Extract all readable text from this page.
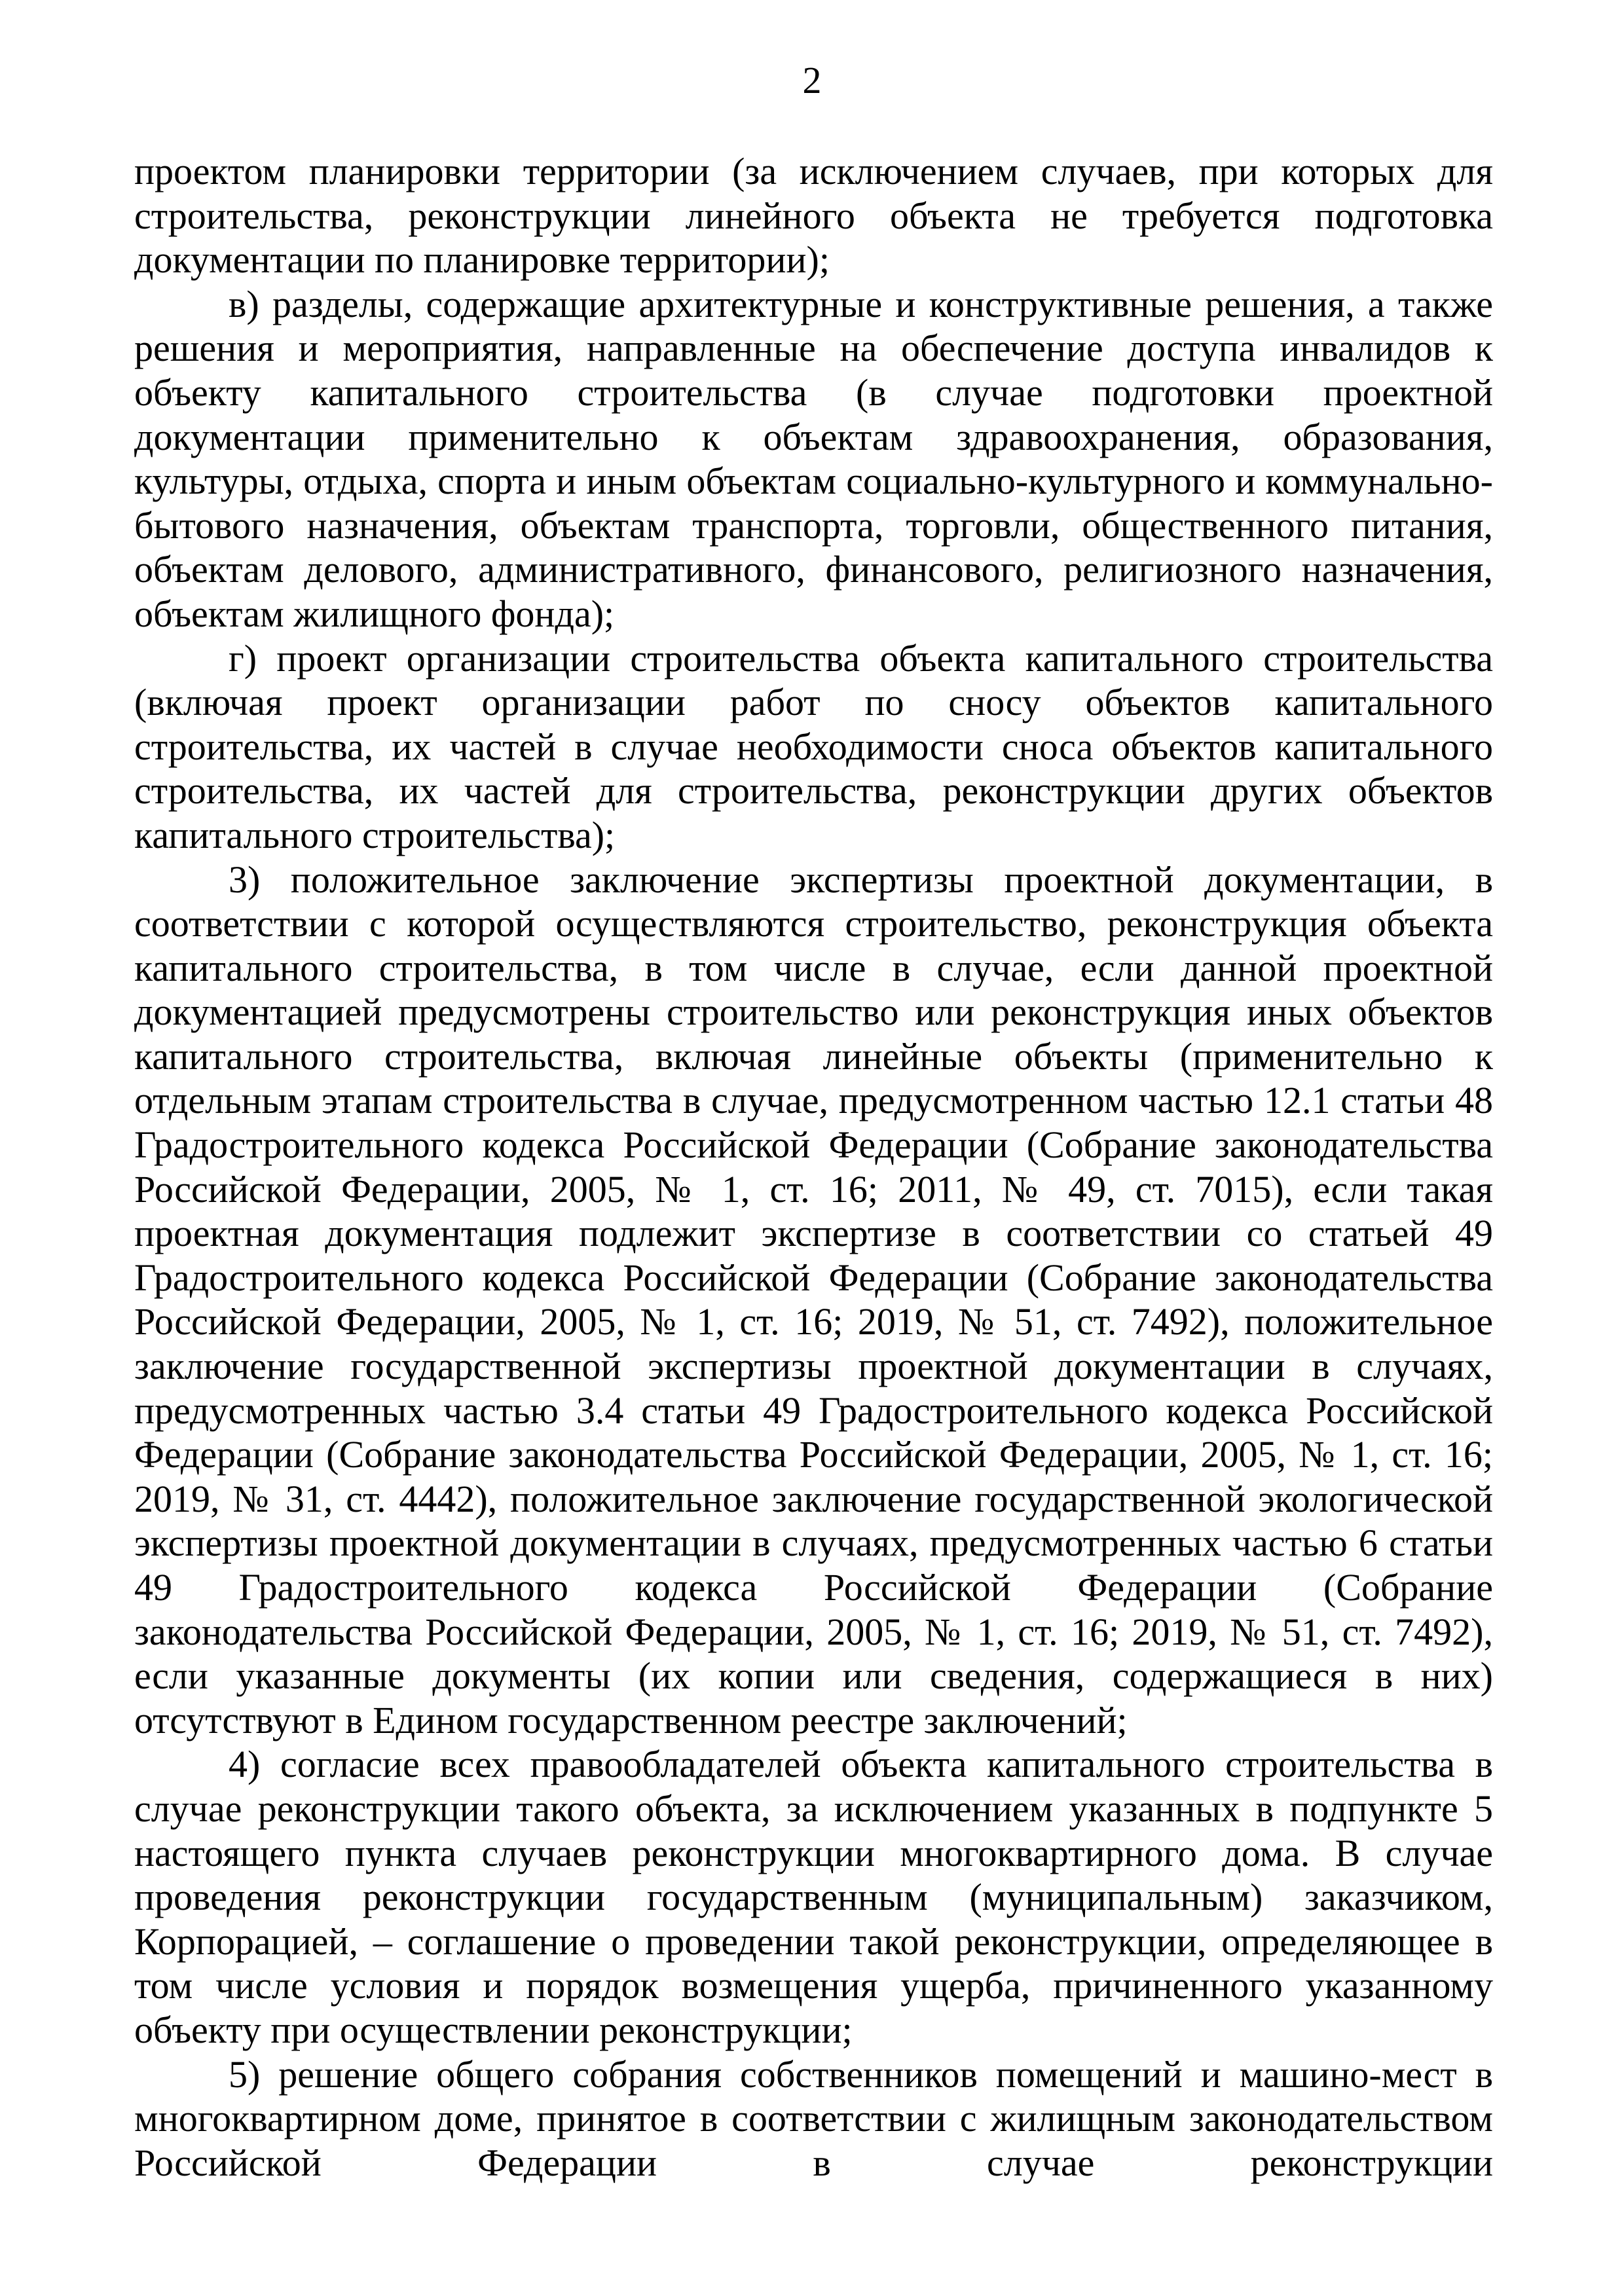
2

проектом планировки территории (за исключением случаев, при которых для строительства, реконструкции линейного объекта не требуется подготовка документации по планировке территории);

в) разделы, содержащие архитектурные и конструктивные решения, а также решения и мероприятия, направленные на обеспечение доступа инвалидов к объекту капитального строительства (в случае подготовки проектной документации применительно к объектам здравоохранения, образования, культуры, отдыха, спорта и иным объектам социально-культурного и коммунально-бытового назначения, объектам транспорта, торговли, общественного питания, объектам делового, административного, финансового, религиозного назначения, объектам жилищного фонда);

г) проект организации строительства объекта капитального строительства (включая проект организации работ по сносу объектов капитального строительства, их частей в случае необходимости сноса объектов капитального строительства, их частей для строительства, реконструкции других объектов капитального строительства);

3) положительное заключение экспертизы проектной документации, в соответствии с которой осуществляются строительство, реконструкция объекта капитального строительства, в том числе в случае, если данной проектной документацией предусмотрены строительство или реконструкция иных объектов капитального строительства, включая линейные объекты (применительно к отдельным этапам строительства в случае, предусмотренном частью 12.1 статьи 48 Градостроительного кодекса Российской Федерации (Собрание законодательства Российской Федерации, 2005, № 1, ст. 16; 2011, № 49, ст. 7015), если такая проектная документация подлежит экспертизе в соответствии со статьей 49 Градостроительного кодекса Российской Федерации (Собрание законодательства Российской Федерации, 2005, № 1, ст. 16; 2019, № 51, ст. 7492), положительное заключение государственной экспертизы проектной документации в случаях, предусмотренных частью 3.4 статьи 49 Градостроительного кодекса Российской Федерации (Собрание законодательства Российской Федерации, 2005, № 1, ст. 16; 2019, № 31, ст. 4442), положительное заключение государственной экологической экспертизы проектной документации в случаях, предусмотренных частью 6 статьи 49 Градостроительного кодекса Российской Федерации (Собрание законодательства Российской Федерации, 2005, № 1, ст. 16; 2019, № 51, ст. 7492), если указанные документы (их копии или сведения, содержащиеся в них) отсутствуют в Едином государственном реестре заключений;

4) согласие всех правообладателей объекта капитального строительства в случае реконструкции такого объекта, за исключением указанных в подпункте 5 настоящего пункта случаев реконструкции многоквартирного дома. В случае проведения реконструкции государственным (муниципальным) заказчиком, Корпорацией, – соглашение о проведении такой реконструкции, определяющее в том числе условия и порядок возмещения ущерба, причиненного указанному объекту при осуществлении реконструкции;

5) решение общего собрания собственников помещений и машино-мест в многоквартирном доме, принятое в соответствии с жилищным законодательством Российской Федерации в случае реконструкции
